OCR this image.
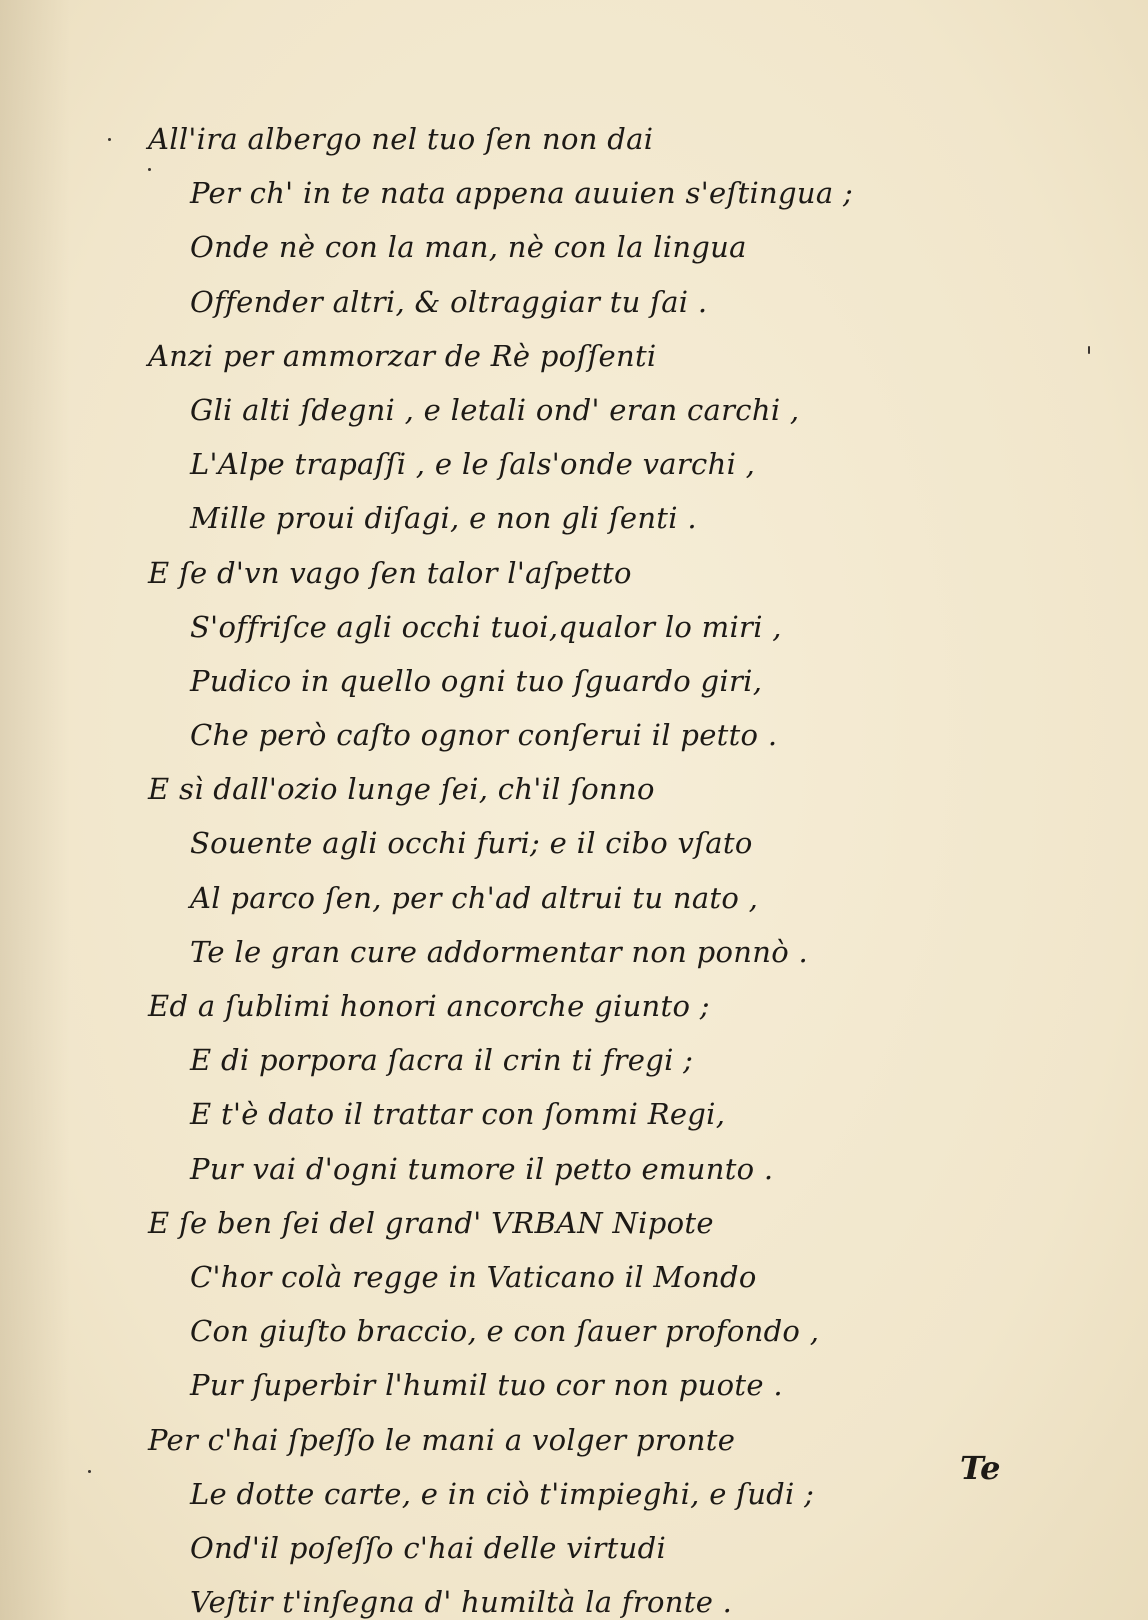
All'ira albergo nel tuo ſen non dai
Per ch' in te nata appena auuien s'eſtingua ;
Onde nè con la man, nè con la lingua
Offender altri, & oltraggiar tu ſai .
Anzi per ammorzar de Rè poſſenti
Gli alti ſdegni , e letali ond' eran carchi ,
L'Alpe trapaſſi , e le ſals'onde varchi ,
Mille proui diſagi, e non gli ſenti .
E ſe d'vn vago ſen talor l'aſpetto
S'offriſce agli occhi tuoi,qualor lo miri ,
Pudico in quello ogni tuo ſguardo giri,
Che però caſto ognor conſerui il petto .
E sì dall'ozio lunge ſei, ch'il ſonno
Souente agli occhi furi; e il cibo vſato
Al parco ſen, per ch'ad altrui tu nato ,
Te le gran cure addormentar non ponnò .
Ed a ſublimi honori ancorche giunto ;
E di porpora ſacra il crin ti fregi ;
E t'è dato il trattar con ſommi Regi,
Pur vai d'ogni tumore il petto emunto .
E ſe ben ſei del grand' VRBAN Nipote
C'hor colà regge in Vaticano il Mondo
Con giuſto braccio, e con ſauer profondo ,
Pur ſuperbir l'humil tuo cor non puote .
Per c'hai ſpeſſo le mani a volger pronte
Le dotte carte, e in ciò t'impieghi, e ſudi ;
Ond'il poſeſſo c'hai delle virtudi
Veſtir t'inſegna d' humiltà la fronte .
Te
